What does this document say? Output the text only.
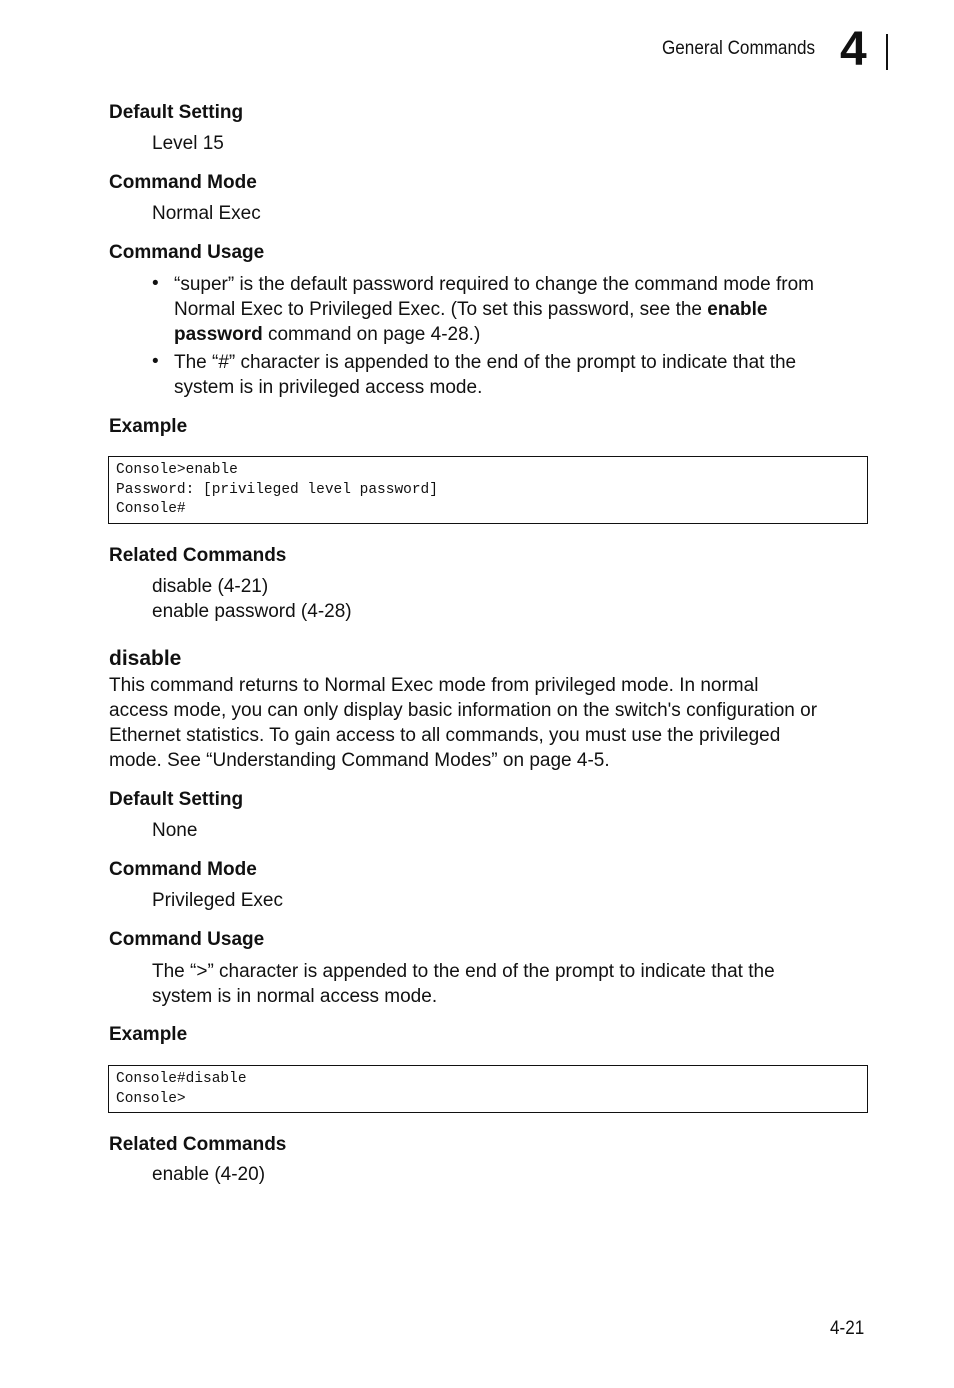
General Commands 4
Default Setting
Level 15
Command Mode
Normal Exec
Command Usage
• “super” is the default password required to change the command mode from
Normal Exec to Privileged Exec. (To set this password, see the enable
password command on page 4-28.)
• The “#” character is appended to the end of the prompt to indicate that the
system is in privileged access mode.
Example
Console>enable
Password: [privileged level password]
Console#
Related Commands
disable (4-21)
enable password (4-28)
disable
This command returns to Normal Exec mode from privileged mode. In normal
access mode, you can only display basic information on the switch's configuration or
Ethernet statistics. To gain access to all commands, you must use the privileged
mode. See “Understanding Command Modes” on page 4-5.
Default Setting
None
Command Mode
Privileged Exec
Command Usage
The “>” character is appended to the end of the prompt to indicate that the
system is in normal access mode.
Example
Console#disable
Console>
Related Commands
enable (4-20)
4-21
